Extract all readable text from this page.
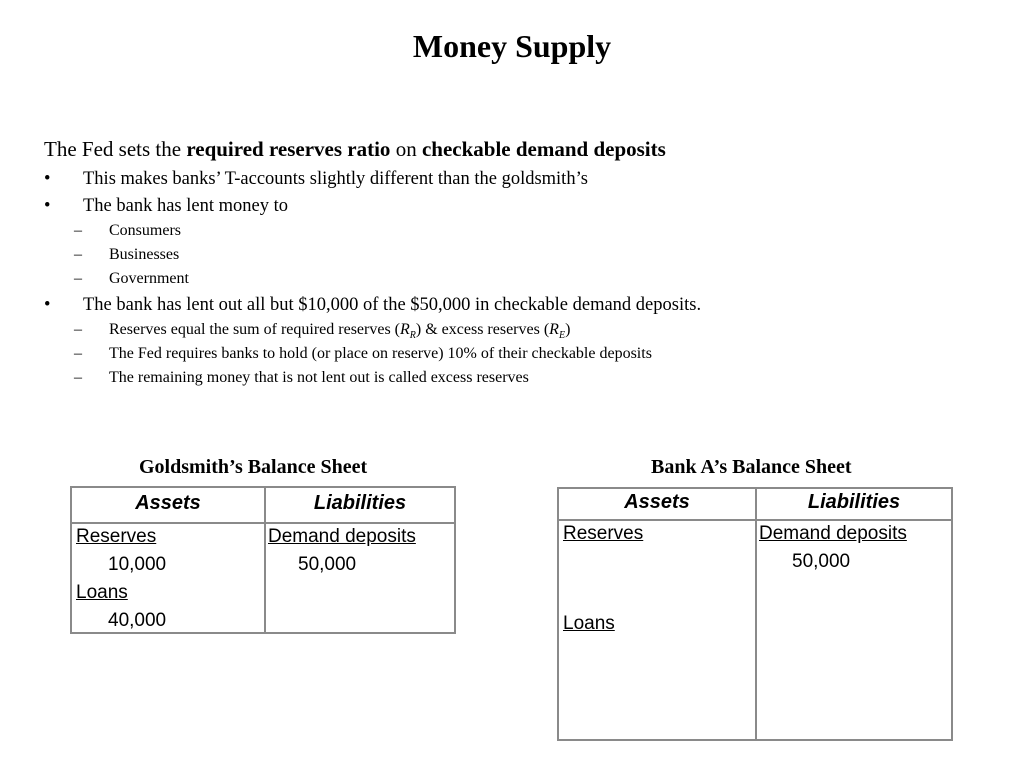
Money Supply
The Fed sets the required reserves ratio on checkable demand deposits
• This makes banks’ T-accounts slightly different than the goldsmith’s
• The bank has lent money to
– Consumers
– Businesses
– Government
• The bank has lent out all but $10,000 of the $50,000 in checkable demand deposits.
– Reserves equal the sum of required reserves $(R_R)$ & excess reserves $(R_E)$
– The Fed requires banks to hold (or place on reserve) 10% of their checkable deposits
– The remaining money that is not lent out is called excess reserves
Goldsmith’s Balance Sheet
Assets	Liabilities
Reserves
10,000
Loans
40,000
Demand deposits
50,000
Bank A’s Balance Sheet
Assets	Liabilities
Reserves
Loans
Demand deposits
50,000
